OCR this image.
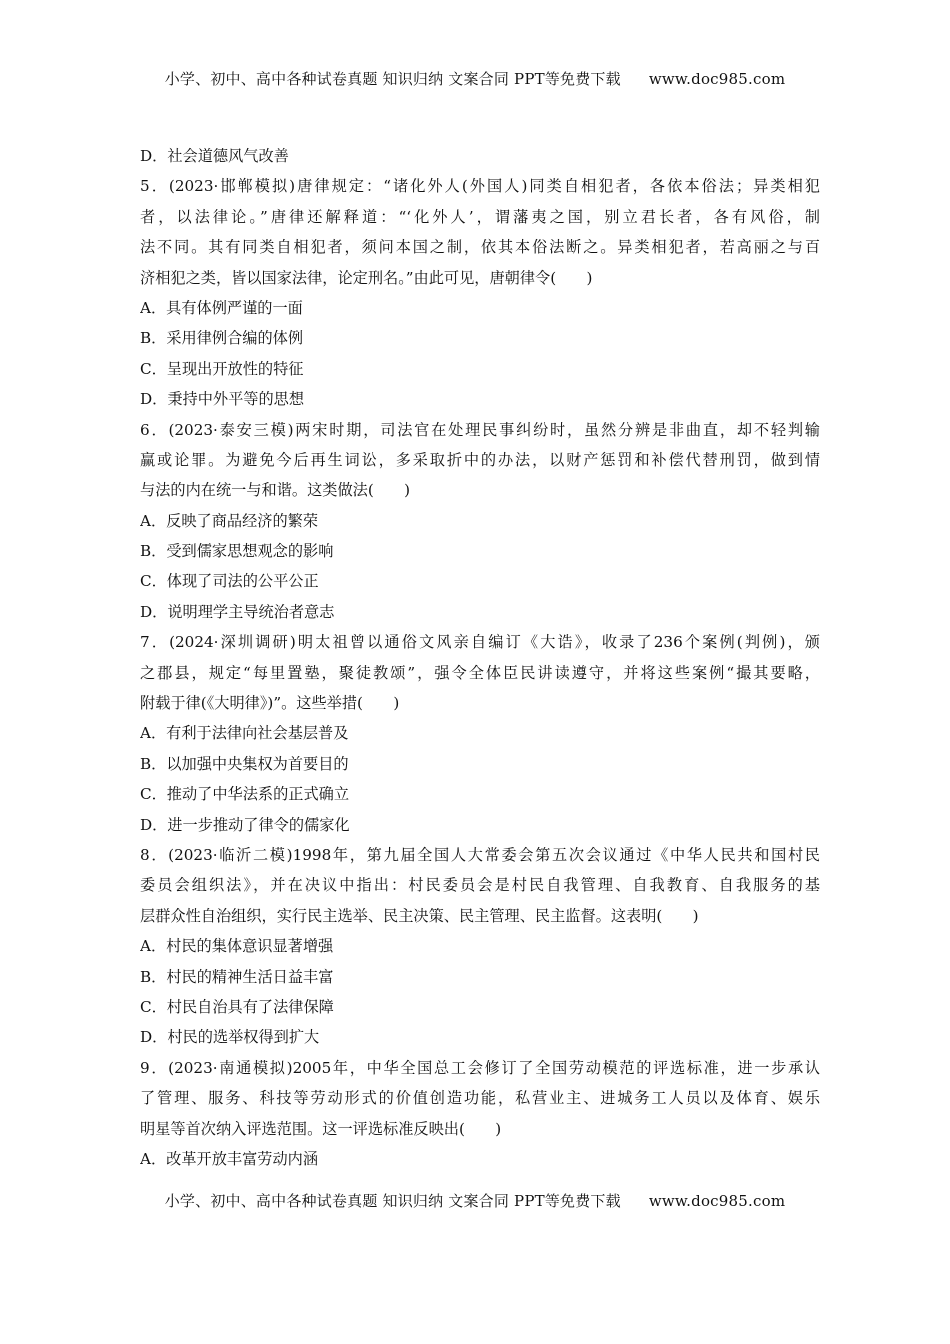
小学、初中、高中各种试卷真题 知识归纳 文案合同 PPT等免费下载 www.doc985.com
D．社会道德风气改善
5．(2023·邯郸模拟)唐律规定：“诸化外人(外国人)同类自相犯者，各依本俗法；异类相犯
者，以法律论。”唐律还解释道：“‘化外人’，谓藩夷之国，别立君长者，各有风俗，制
法不同。其有同类自相犯者，须问本国之制，依其本俗法断之。异类相犯者，若高丽之与百
济相犯之类，皆以国家法律，论定刑名。”由此可见，唐朝律令(　　)
A．具有体例严谨的一面
B．采用律例合编的体例
C．呈现出开放性的特征
D．秉持中外平等的思想
6．(2023·泰安三模)两宋时期，司法官在处理民事纠纷时，虽然分辨是非曲直，却不轻判输
赢或论罪。为避免今后再生词讼，多采取折中的办法，以财产惩罚和补偿代替刑罚，做到情
与法的内在统一与和谐。这类做法(　　)
A．反映了商品经济的繁荣
B．受到儒家思想观念的影响
C．体现了司法的公平公正
D．说明理学主导统治者意志
7．(2024·深圳调研)明太祖曾以通俗文风亲自编订《大诰》，收录了236个案例(判例)，颁
之郡县，规定“每里置塾，聚徒教颂”，强令全体臣民讲读遵守，并将这些案例“撮其要略，
附载于律(《大明律》)”。这些举措(　　)
A．有利于法律向社会基层普及
B．以加强中央集权为首要目的
C．推动了中华法系的正式确立
D．进一步推动了律令的儒家化
8．(2023·临沂二模)1998年，第九届全国人大常委会第五次会议通过《中华人民共和国村民
委员会组织法》，并在决议中指出：村民委员会是村民自我管理、自我教育、自我服务的基
层群众性自治组织，实行民主选举、民主决策、民主管理、民主监督。这表明(　　)
A．村民的集体意识显著增强
B．村民的精神生活日益丰富
C．村民自治具有了法律保障
D．村民的选举权得到扩大
9．(2023·南通模拟)2005年，中华全国总工会修订了全国劳动模范的评选标准，进一步承认
了管理、服务、科技等劳动形式的价值创造功能，私营业主、进城务工人员以及体育、娱乐
明星等首次纳入评选范围。这一评选标准反映出(　　)
A．改革开放丰富劳动内涵
小学、初中、高中各种试卷真题 知识归纳 文案合同 PPT等免费下载 www.doc985.com
